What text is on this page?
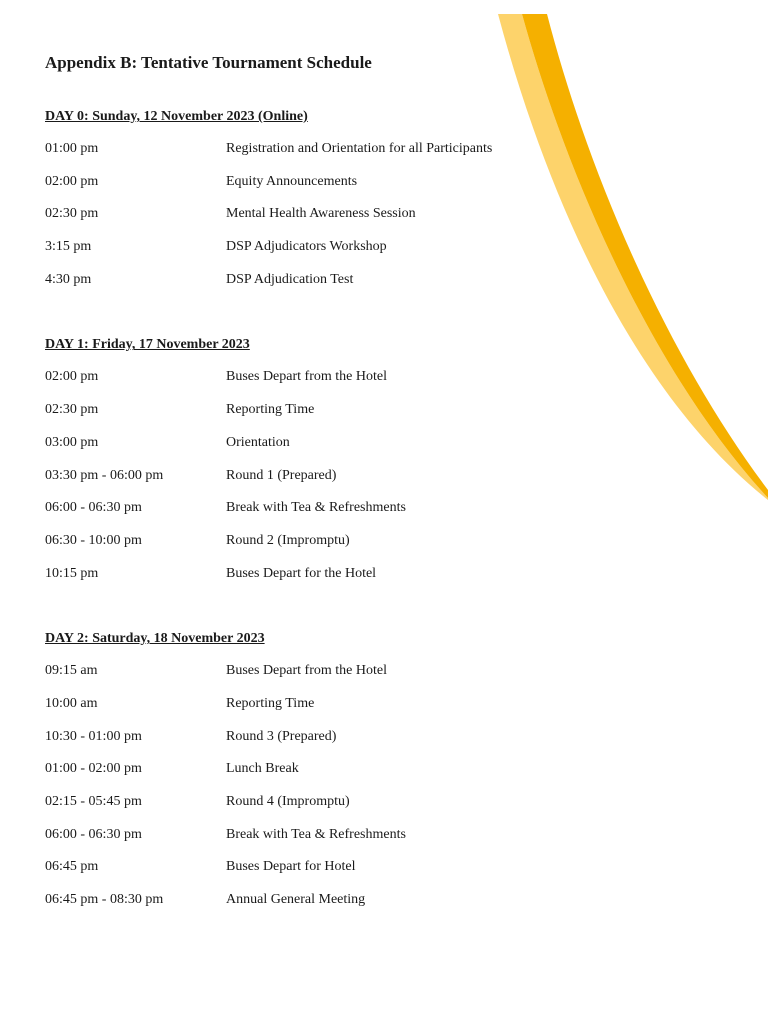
Appendix B: Tentative Tournament Schedule
DAY 0: Sunday, 12 November 2023 (Online)
01:00 pm	Registration and Orientation for all Participants
02:00 pm	Equity Announcements
02:30 pm	Mental Health Awareness Session
3:15 pm	DSP Adjudicators Workshop
4:30 pm	DSP Adjudication Test
DAY 1: Friday, 17 November 2023
02:00 pm	Buses Depart from the Hotel
02:30 pm	Reporting Time
03:00 pm	Orientation
03:30 pm - 06:00 pm	Round 1 (Prepared)
06:00 - 06:30 pm	Break with Tea & Refreshments
06:30 - 10:00 pm	Round 2 (Impromptu)
10:15 pm	Buses Depart for the Hotel
DAY 2: Saturday, 18 November 2023
09:15 am	Buses Depart from the Hotel
10:00 am	Reporting Time
10:30 - 01:00 pm	Round 3 (Prepared)
01:00 - 02:00 pm	Lunch Break
02:15 - 05:45 pm	Round 4 (Impromptu)
06:00 - 06:30 pm	Break with Tea & Refreshments
06:45 pm	Buses Depart for Hotel
06:45 pm - 08:30 pm	Annual General Meeting
